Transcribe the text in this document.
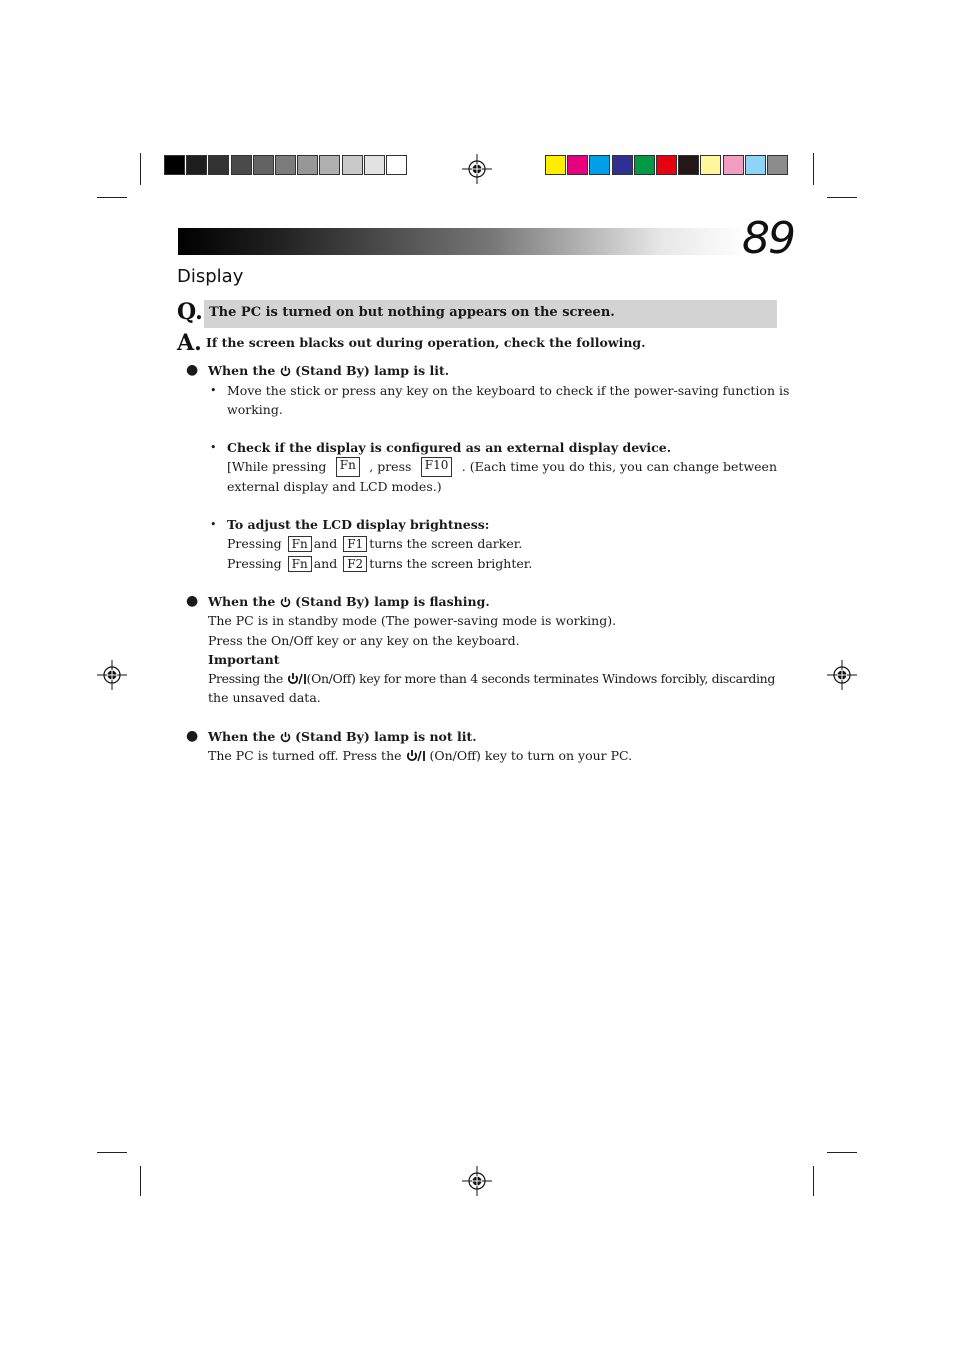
89
Display
Q. The PC is turned on but nothing appears on the screen.
A. If the screen blacks out during operation, check the following.
● When the (Stand By) lamp is lit.
• Move the stick or press any key on the keyboard to check if the power-saving function is
working.
• Check if the display is configured as an external display device.
[While pressing	Fn	, press	F10	. (Each time you do this, you can change between
external display and LCD modes.)
• To adjust the LCD display brightness:
Pressing Fn and F1 turns the screen darker.
Pressing Fn and F2 turns the screen brighter.
● When the (Stand By) lamp is flashing.
The PC is in standby mode (The power-saving mode is working).
Press the On/Off key or any key on the keyboard.
Important
Pressing the (On/Off) key for more than 4 seconds terminates Windows forcibly, discarding
the unsaved data.
● When the (Stand By) lamp is not lit.
The PC is turned off. Press the (On/Off) key to turn on your PC.
